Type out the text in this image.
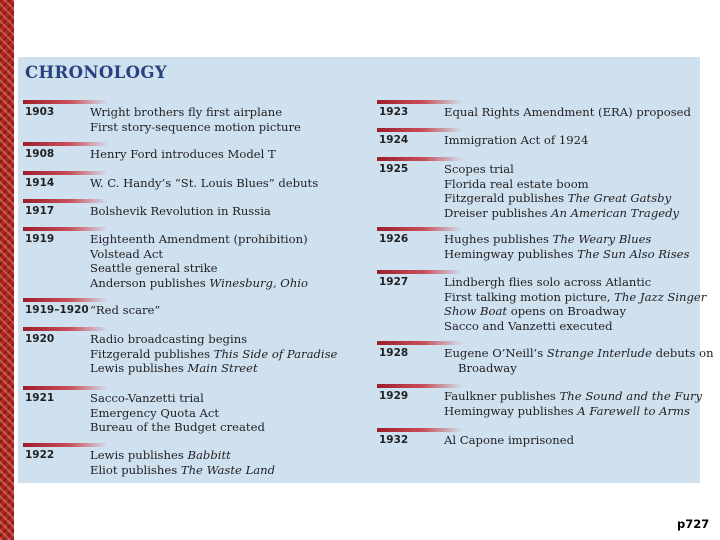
CHRONOLOGY
1903	Wright brothers fly first airplane
First story-sequence motion picture
1908	Henry Ford introduces Model T
1914	W. C. Handy’s “St. Louis Blues” debuts
1917	Bolshevik Revolution in Russia
1919	Eighteenth Amendment (prohibition)
Volstead Act
Seattle general strike
Anderson publishes Winesburg, Ohio
1919–1920 “Red scare”
1920	Radio broadcasting begins
Fitzgerald publishes This Side of Paradise
Lewis publishes Main Street
1921	Sacco-Vanzetti trial
Emergency Quota Act
Bureau of the Budget created
1922	Lewis publishes Babbitt
Eliot publishes The Waste Land
1923	Equal Rights Amendment (ERA) proposed
1924	Immigration Act of 1924
1925	Scopes trial
Florida real estate boom
Fitzgerald publishes The Great Gatsby
Dreiser publishes An American Tragedy
1926	Hughes publishes The Weary Blues
Hemingway publishes The Sun Also Rises
1927	Lindbergh flies solo across Atlantic
First talking motion picture, The Jazz Singer
Show Boat opens on Broadway
Sacco and Vanzetti executed
1928	Eugene O’Neill’s Strange Interlude debuts on
Broadway
1929	Faulkner publishes The Sound and the Fury
Hemingway publishes A Farewell to Arms
1932	Al Capone imprisoned
p727
